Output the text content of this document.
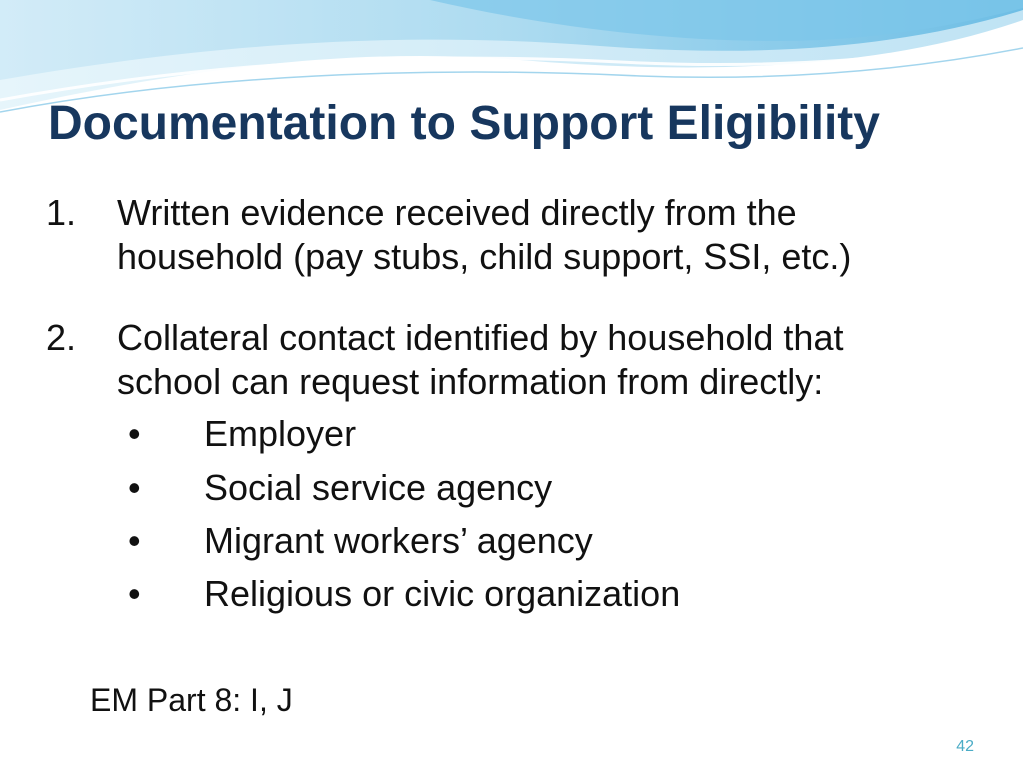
Documentation to Support Eligibility
1. Written evidence received directly from the
household (pay stubs, child support, SSI, etc.)
2. Collateral contact identified by household that
school can request information from directly:
• Employer
• Social service agency
• Migrant workers’ agency
• Religious or civic organization
EM Part 8: I, J
42
